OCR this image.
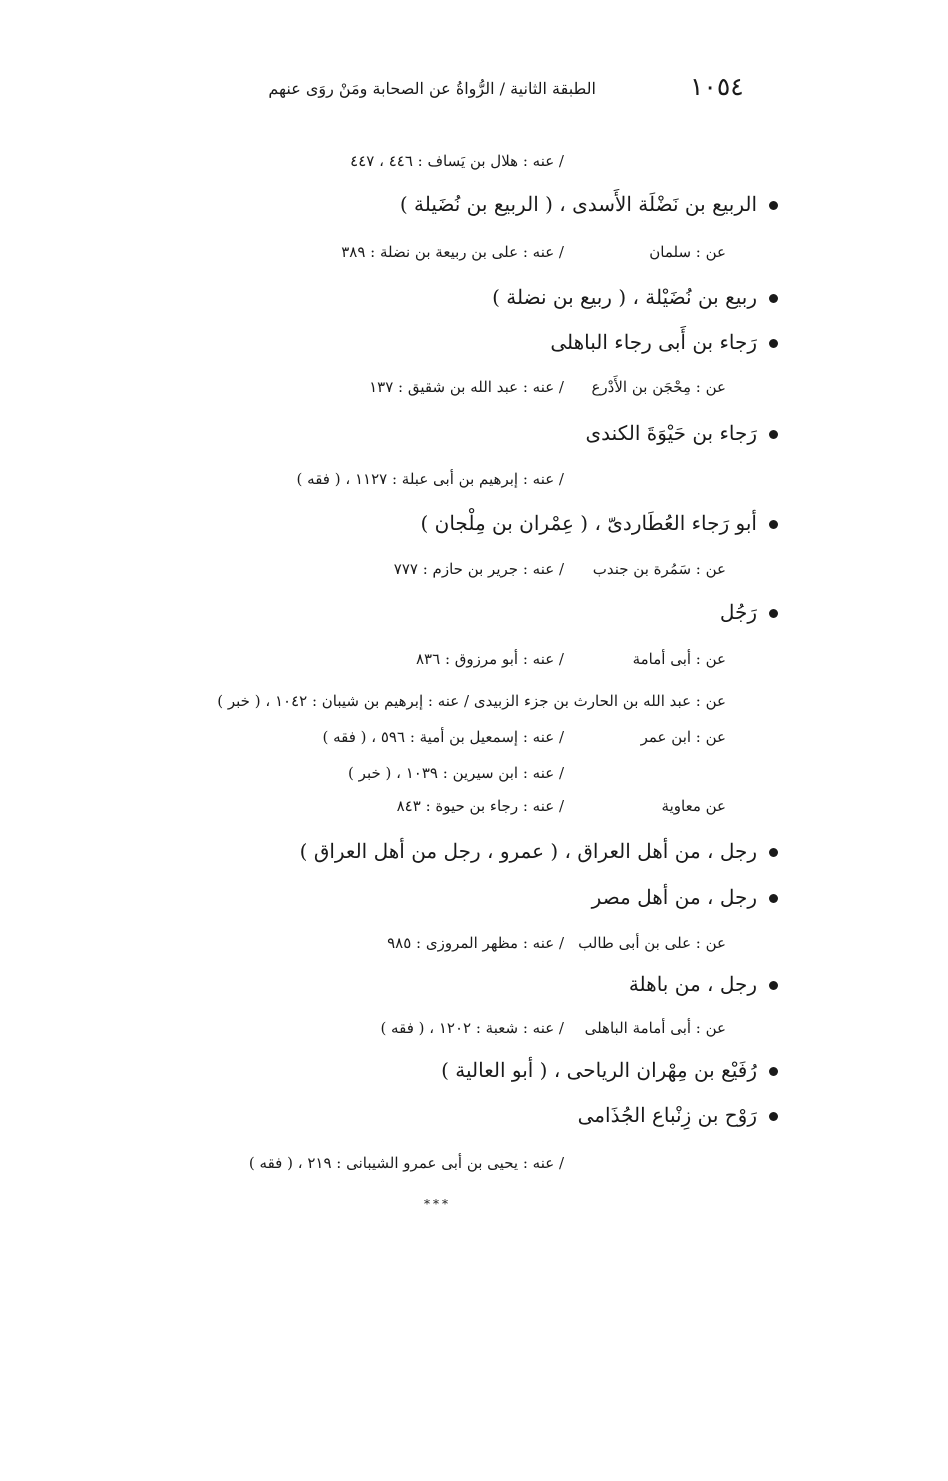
١٠٥٤
الطبقة الثانية / الرُّواةُ عن الصحابة ومَنْ روَى عنهم
/ عنه : هلال بن يَساف : ٤٤٦ ، ٤٤٧
الربيع بن نَضْلَة الأَسدى ، ( الربيع بن نُضَيلة )
عن : سلمان
/ عنه : على بن ربيعة بن نضلة : ٣٨٩
ربيع بن نُضَيْلة ، ( ربيع بن نضلة )
رَجاء بن أَبى رجاء الباهلى
عن : مِحْجَن بن الأَدْرع
/ عنه : عبد الله بن شقيق : ١٣٧
رَجاء بن حَيْوَةَ الكندى
/ عنه : إبرهيم بن أبى عبلة : ١١٢٧ ، ( فقه )
أبو رَجاء العُطَاردىّ ، ( عِمْران بن مِلْجان )
عن : سَمُرة بن جندب
/ عنه : جرير بن حازم : ٧٧٧
رَجُل
عن : أبى أمامة
/ عنه : أبو مرزوق : ٨٣٦
عن : عبد الله بن الحارث بن جزء الزبيدى / عنه : إبرهيم بن شيبان : ١٠٤٢ ، ( خبر )
عن : ابن عمر
/ عنه : إسمعيل بن أمية : ٥٩٦ ، ( فقه )
/ عنه : ابن سيرين : ١٠٣٩ ، ( خبر )
عن معاوية
/ عنه : رجاء بن حيوة : ٨٤٣
رجل ، من أهل العراق ، ( عمرو ، رجل من أهل العراق )
رجل ، من أهل مصر
عن : على بن أبى طالب
/ عنه : مظهر المروزى : ٩٨٥
رجل ، من باهلة
عن : أبى أمامة الباهلى
/ عنه : شعبة : ١٢٠٢ ، ( فقه )
رُفَيْع بن مِهْران الرياحى ، ( أبو العالية )
رَوْح بن زِنْباع الجُذَامى
/ عنه : يحيى بن أبى عمرو الشيبانى : ٢١٩ ، ( فقه )
***
